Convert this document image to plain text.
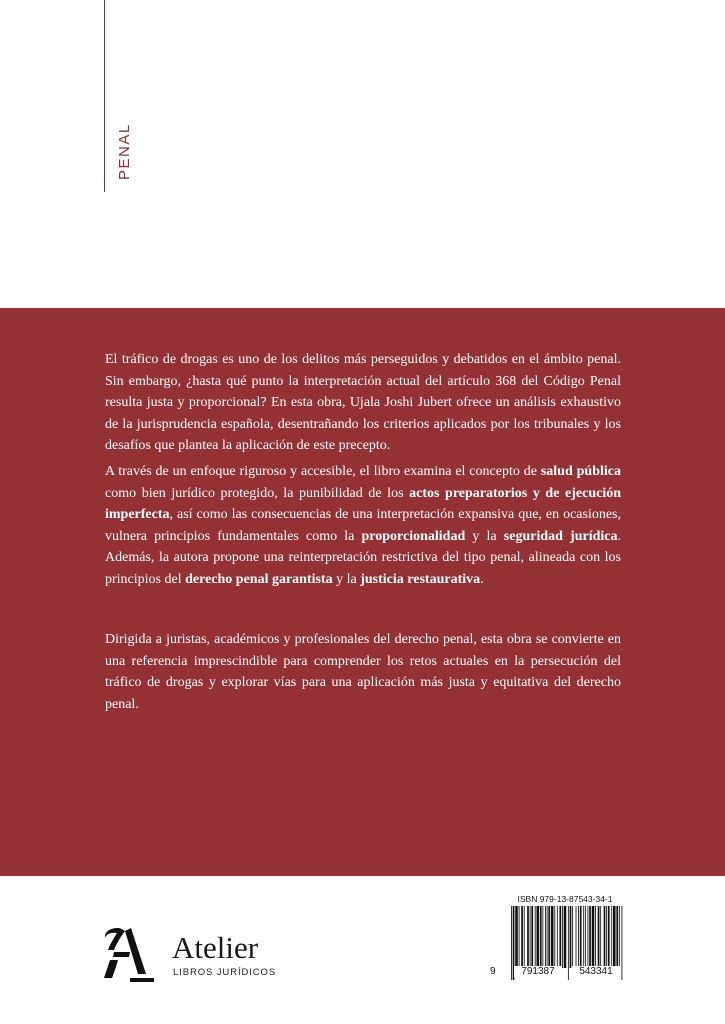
PENAL

El tráfico de drogas es uno de los delitos más perseguidos y debatidos en el ámbito penal. Sin embargo, ¿hasta qué punto la interpretación actual del artículo 368 del Código Penal resulta justa y proporcional? En esta obra, Ujala Joshi Jubert ofrece un análisis exhaustivo de la jurisprudencia española, desentrañando los criterios aplicados por los tribunales y los desafíos que plantea la aplicación de este precepto.

A través de un enfoque riguroso y accesible, el libro examina el concepto de salud pública como bien jurídico protegido, la punibilidad de los actos preparatorios y de ejecución imperfecta, así como las consecuencias de una interpretación expansiva que, en ocasiones, vulnera principios fundamentales como la proporcionalidad y la seguridad jurídica. Además, la autora propone una reinterpretación restrictiva del tipo penal, alineada con los principios del derecho penal garantista y la justicia restaurativa.

Dirigida a juristas, académicos y profesionales del derecho penal, esta obra se convierte en una referencia imprescindible para comprender los retos actuales en la persecución del tráfico de drogas y explorar vías para una aplicación más justa y equitativa del derecho penal.

Atelier
LIBROS JURÍDICOS
ISBN 979-13-87543-34-1
9	791387	543341
